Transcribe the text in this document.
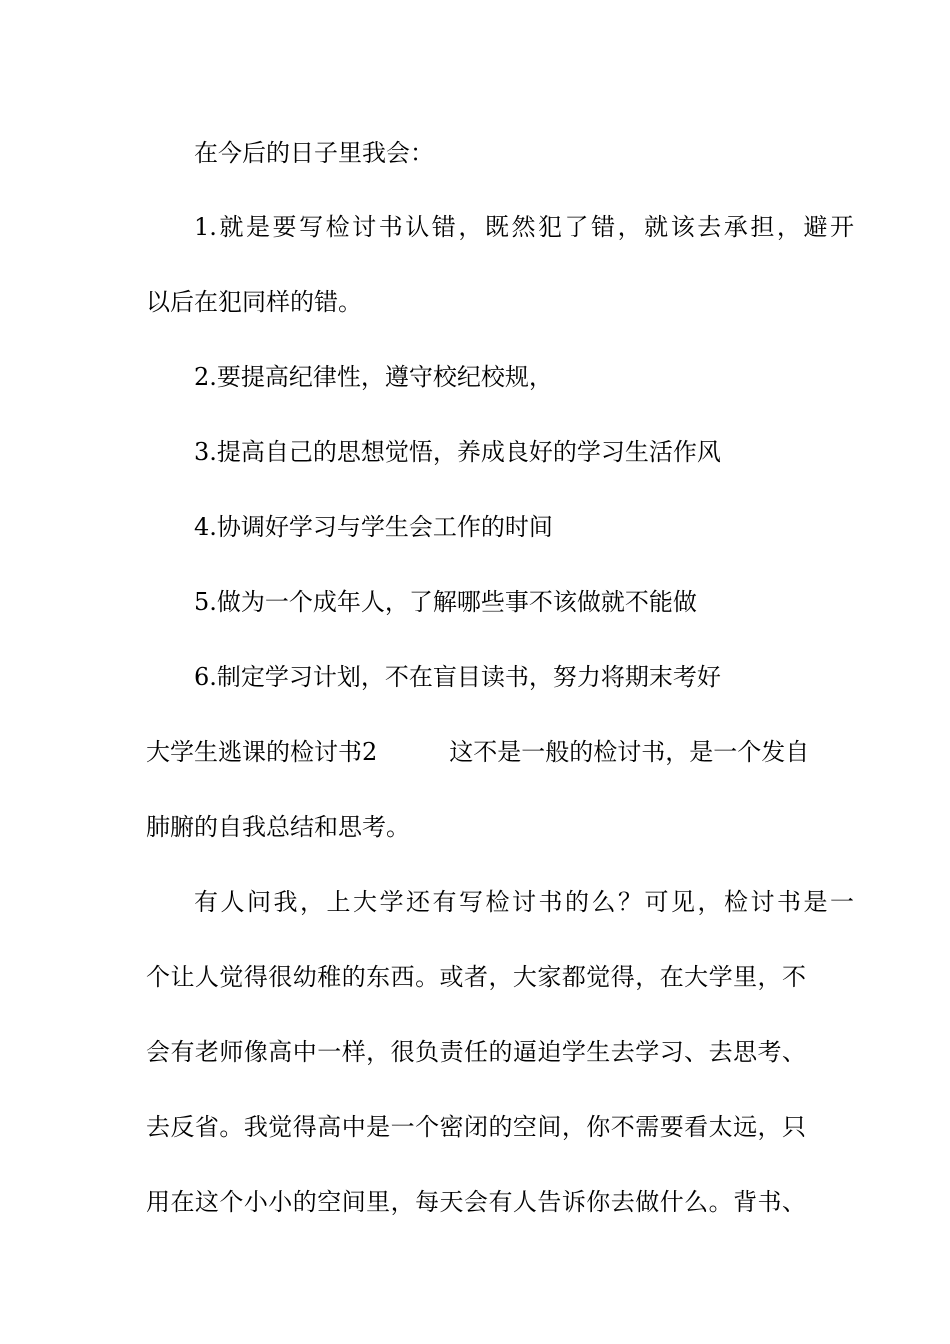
在今后的日子里我会：
1.就是要写检讨书认错，既然犯了错，就该去承担，避开
以后在犯同样的错。
2.要提高纪律性，遵守校纪校规，
3.提高自己的思想觉悟，养成良好的学习生活作风
4.协调好学习与学生会工作的时间
5.做为一个成年人，了解哪些事不该做就不能做
6.制定学习计划，不在盲目读书，努力将期末考好
大学生逃课的检讨书2	这不是一般的检讨书，是一个发自
肺腑的自我总结和思考。
有人问我，上大学还有写检讨书的么？可见，检讨书是一
个让人觉得很幼稚的东西。或者，大家都觉得，在大学里，不
会有老师像高中一样，很负责任的逼迫学生去学习、去思考、
去反省。我觉得高中是一个密闭的空间，你不需要看太远，只
用在这个小小的空间里，每天会有人告诉你去做什么。背书、
